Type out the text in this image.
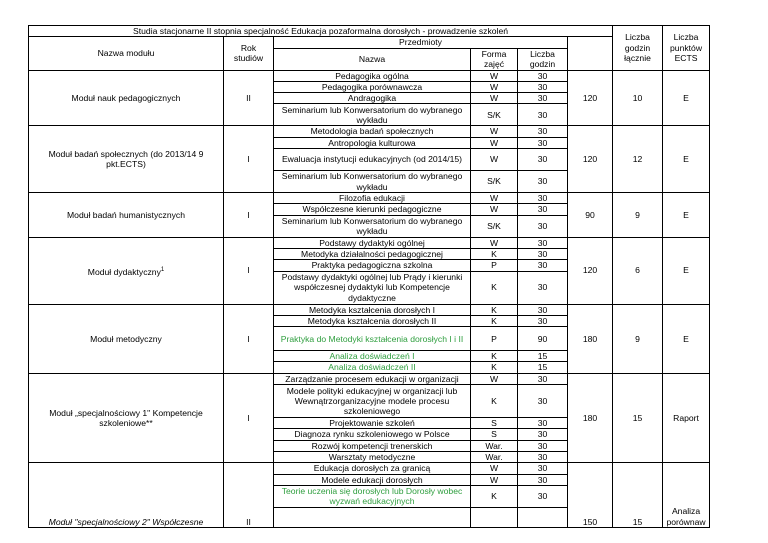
Studia stacjonarne II stopnia specjalność Edukacja pozaformalna dorosłych - prowadzenie szkoleń						Liczba godzin łącznie	Liczba punktów ECTS	
Nazwa modułu	Rok studiów	Przedmioty						
		Nazwa	Forma zajęć	Liczba godzin				
Moduł nauk pedagogicznych	II	Pedagogika ogólna	W	30	120	10	E	
		Pedagogika porównawcza	W	30				
		Andragogika	W	30				
		Seminarium lub Konwersatorium do wybranego wykładu	S/K	30				
Moduł badań społecznych (do 2013/14 9 pkt.ECTS)	I	Metodologia badań społecznych	W	30	120	12	E	
		Antropologia kulturowa	W	30				
		Ewaluacja instytucji edukacyjnych (od 2014/15)	W	30				
		Seminarium lub Konwersatorium do wybranego wykładu	S/K	30				
Moduł badań humanistycznych	I	Filozofia edukacji	W	30	90	9	E	
		Współczesne kierunki pedagogiczne	W	30				
		Seminarium lub Konwersatorium do wybranego wykładu	S/K	30				
Moduł dydaktyczny$^1$	I	Podstawy dydaktyki ogólnej	W	30	120	6	E	
		Metodyka działalności pedagogicznej	K	30				
		Praktyka pedagogiczna szkolna	P	30				
		Podstawy dydaktyki ogólnej lub Prądy i kierunki współczesnej dydaktyki lub Kompetencje dydaktyczne	K	30				
Moduł metodyczny	I	Metodyka kształcenia dorosłych I	K	30	180	9	E	
		Metodyka kształcenia dorosłych II	K	30				
		Praktyka do Metodyki kształcenia dorosłych I i II	P	90				
		Analiza doświadczeń I	K	15				
		Analiza doświadczeń II	K	15				
Moduł „specjalnościowy 1" Kompetencje szkoleniowe**	I	Zarządzanie procesem edukacji w organizacji	W	30	180	15	Raport	
		Modele polityki edukacyjnej w organizacji lub Wewnątrzorganizacyjne modele procesu szkoleniowego	K	30				
		Projektowanie szkoleń	S	30				
		Diagnoza rynku szkoleniowego w Polsce	S	30				
		Rozwój kompetencji trenerskich	War.	30				
		Warsztaty metodyczne	War.	30				
Moduł "specjalnościowy 2" Współczesne	II	Edukacja dorosłych za granicą	W	30	150	15	Analiza porównaw	
		Modele edukacji dorosłych	W	30				
		Teorie uczenia się dorosłych lub Dorosły wobec wyzwań edukacyjnych	K	30				
